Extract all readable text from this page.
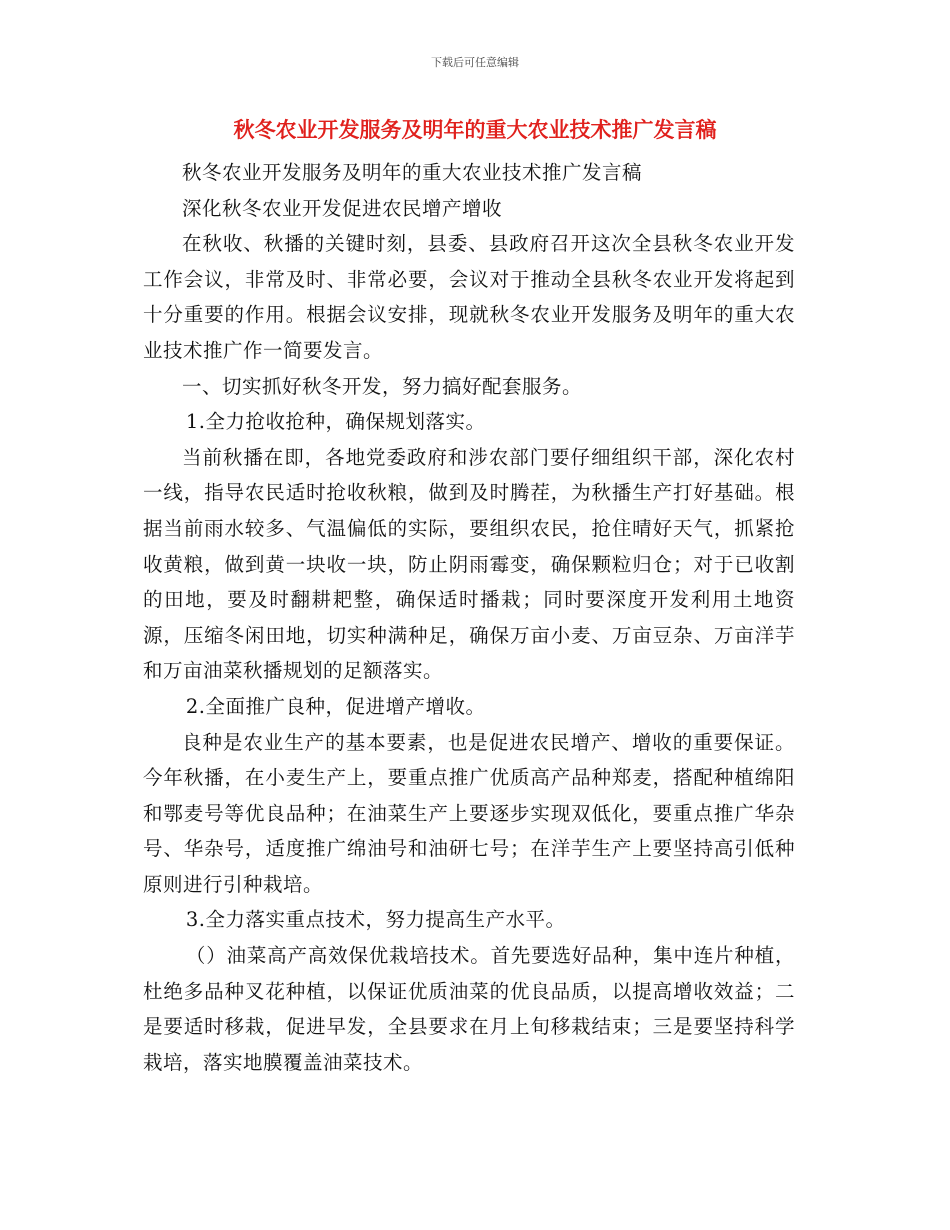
下载后可任意编辑
秋冬农业开发服务及明年的重大农业技术推广发言稿

秋冬农业开发服务及明年的重大农业技术推广发言稿

深化秋冬农业开发促进农民增产增收

在秋收、秋播的关键时刻，县委、县政府召开这次全县秋冬农业开发工作会议，非常及时、非常必要，会议对于推动全县秋冬农业开发将起到十分重要的作用。根据会议安排，现就秋冬农业开发服务及明年的重大农业技术推广作一简要发言。

一、切实抓好秋冬开发，努力搞好配套服务。

1.全力抢收抢种，确保规划落实。

当前秋播在即，各地党委政府和涉农部门要仔细组织干部，深化农村一线，指导农民适时抢收秋粮，做到及时腾茬，为秋播生产打好基础。根据当前雨水较多、气温偏低的实际，要组织农民，抢住晴好天气，抓紧抢收黄粮，做到黄一块收一块，防止阴雨霉变，确保颗粒归仓；对于已收割的田地，要及时翻耕耙整，确保适时播栽；同时要深度开发利用土地资源，压缩冬闲田地，切实种满种足，确保万亩小麦、万亩豆杂、万亩洋芋和万亩油菜秋播规划的足额落实。

2.全面推广良种，促进增产增收。

良种是农业生产的基本要素，也是促进农民增产、增收的重要保证。今年秋播，在小麦生产上，要重点推广优质高产品种郑麦，搭配种植绵阳和鄂麦号等优良品种；在油菜生产上要逐步实现双低化，要重点推广华杂号、华杂号，适度推广绵油号和油研七号；在洋芋生产上要坚持高引低种原则进行引种栽培。

3.全力落实重点技术，努力提高生产水平。

（）油菜高产高效保优栽培技术。首先要选好品种，集中连片种植，杜绝多品种叉花种植，以保证优质油菜的优良品质，以提高增收效益；二是要适时移栽，促进早发，全县要求在月上旬移栽结束；三是要坚持科学栽培，落实地膜覆盖油菜技术。
